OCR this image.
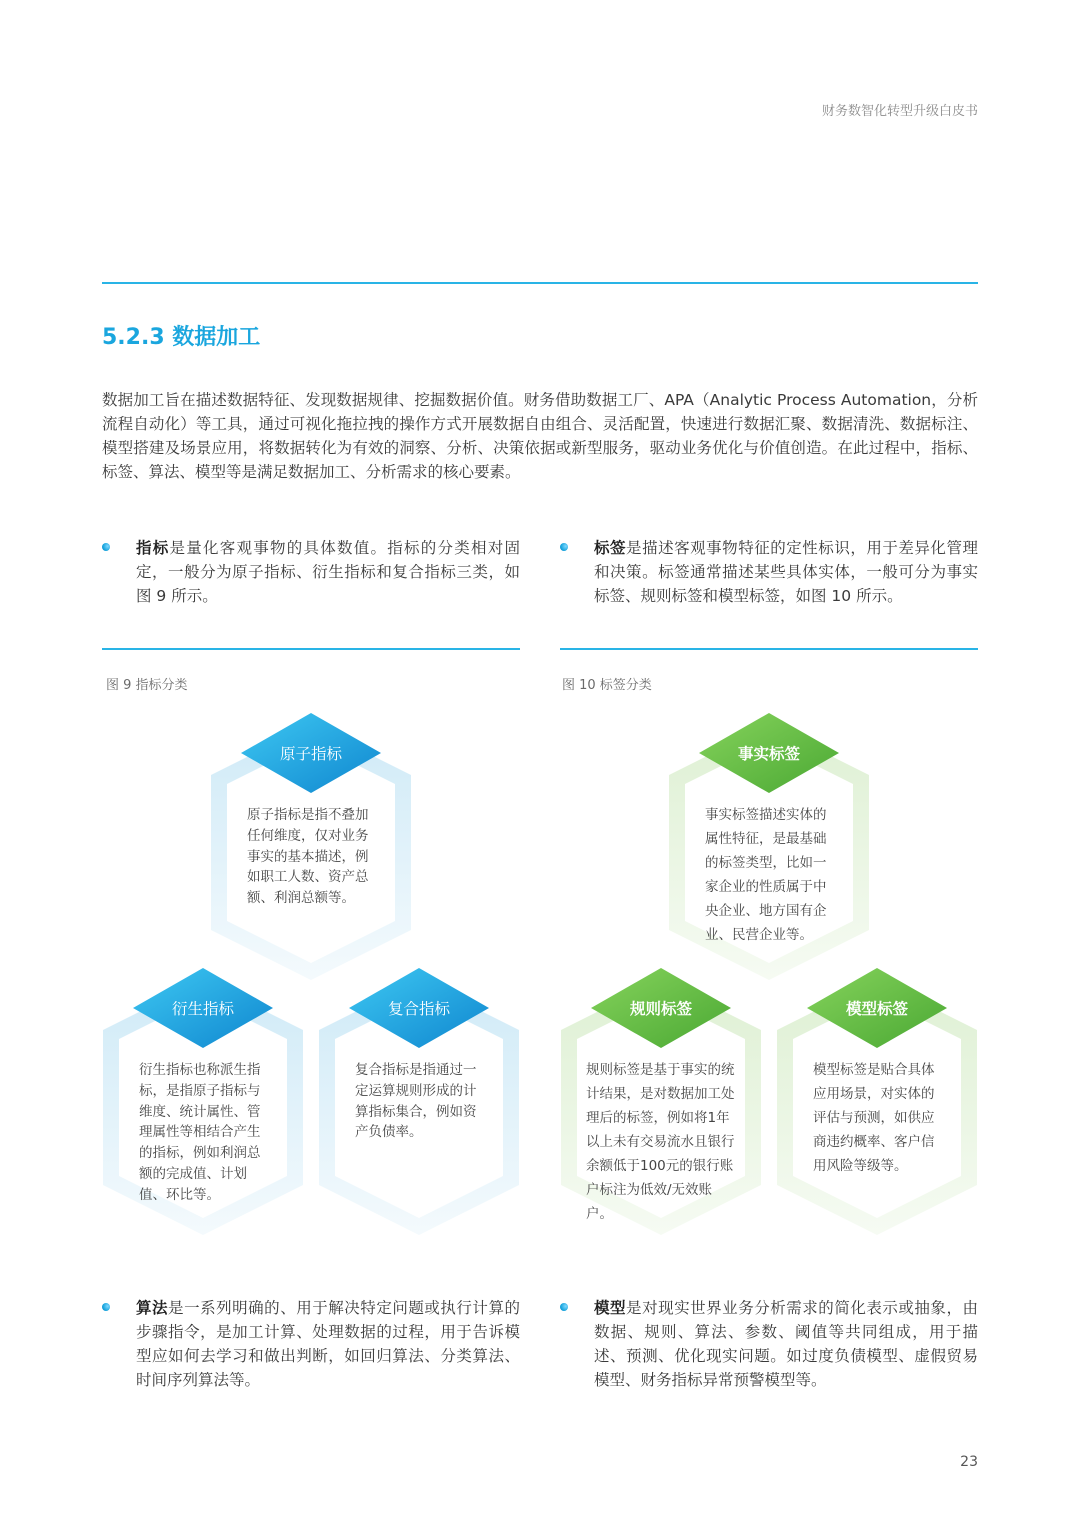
财务数智化转型升级白皮书
5.2.3 数据加工
数据加工旨在描述数据特征、发现数据规律、挖掘数据价值。财务借助数据工厂、APA（Analytic Process Automation，分析流程自动化）等工具，通过可视化拖拉拽的操作方式开展数据自由组合、灵活配置，快速进行数据汇聚、数据清洗、数据标注、模型搭建及场景应用，将数据转化为有效的洞察、分析、决策依据或新型服务，驱动业务优化与价值创造。在此过程中，指标、标签、算法、模型等是满足数据加工、分析需求的核心要素。
指标是量化客观事物的具体数值。指标的分类相对固定，一般分为原子指标、衍生指标和复合指标三类，如图 9 所示。
标签是描述客观事物特征的定性标识，用于差异化管理和决策。标签通常描述某些具体实体，一般可分为事实标签、规则标签和模型标签，如图 10 所示。
图 9 指标分类	图 10 标签分类
原子指标
衍生指标	复合指标
事实标签
规则标签	模型标签
原子指标是指不叠加任何维度，仅对业务事实的基本描述，例如职工人数、资产总额、利润总额等。
衍生指标也称派生指标，是指原子指标与维度、统计属性、管理属性等相结合产生的指标，例如利润总额的完成值、计划值、环比等。
复合指标是指通过一定运算规则形成的计算指标集合，例如资产负债率。
事实标签描述实体的属性特征，是最基础的标签类型，比如一家企业的性质属于中央企业、地方国有企业、民营企业等。
规则标签是基于事实的统计结果，是对数据加工处理后的标签，例如将1年以上未有交易流水且银行余额低于100元的银行账户标注为低效/无效账户。
模型标签是贴合具体应用场景，对实体的评估与预测，如供应商违约概率、客户信用风险等级等。
算法是一系列明确的、用于解决特定问题或执行计算的步骤指令，是加工计算、处理数据的过程，用于告诉模型应如何去学习和做出判断，如回归算法、分类算法、时间序列算法等。
模型是对现实世界业务分析需求的简化表示或抽象，由数据、规则、算法、参数、阈值等共同组成，用于描述、预测、优化现实问题。如过度负债模型、虚假贸易模型、财务指标异常预警模型等。
23
